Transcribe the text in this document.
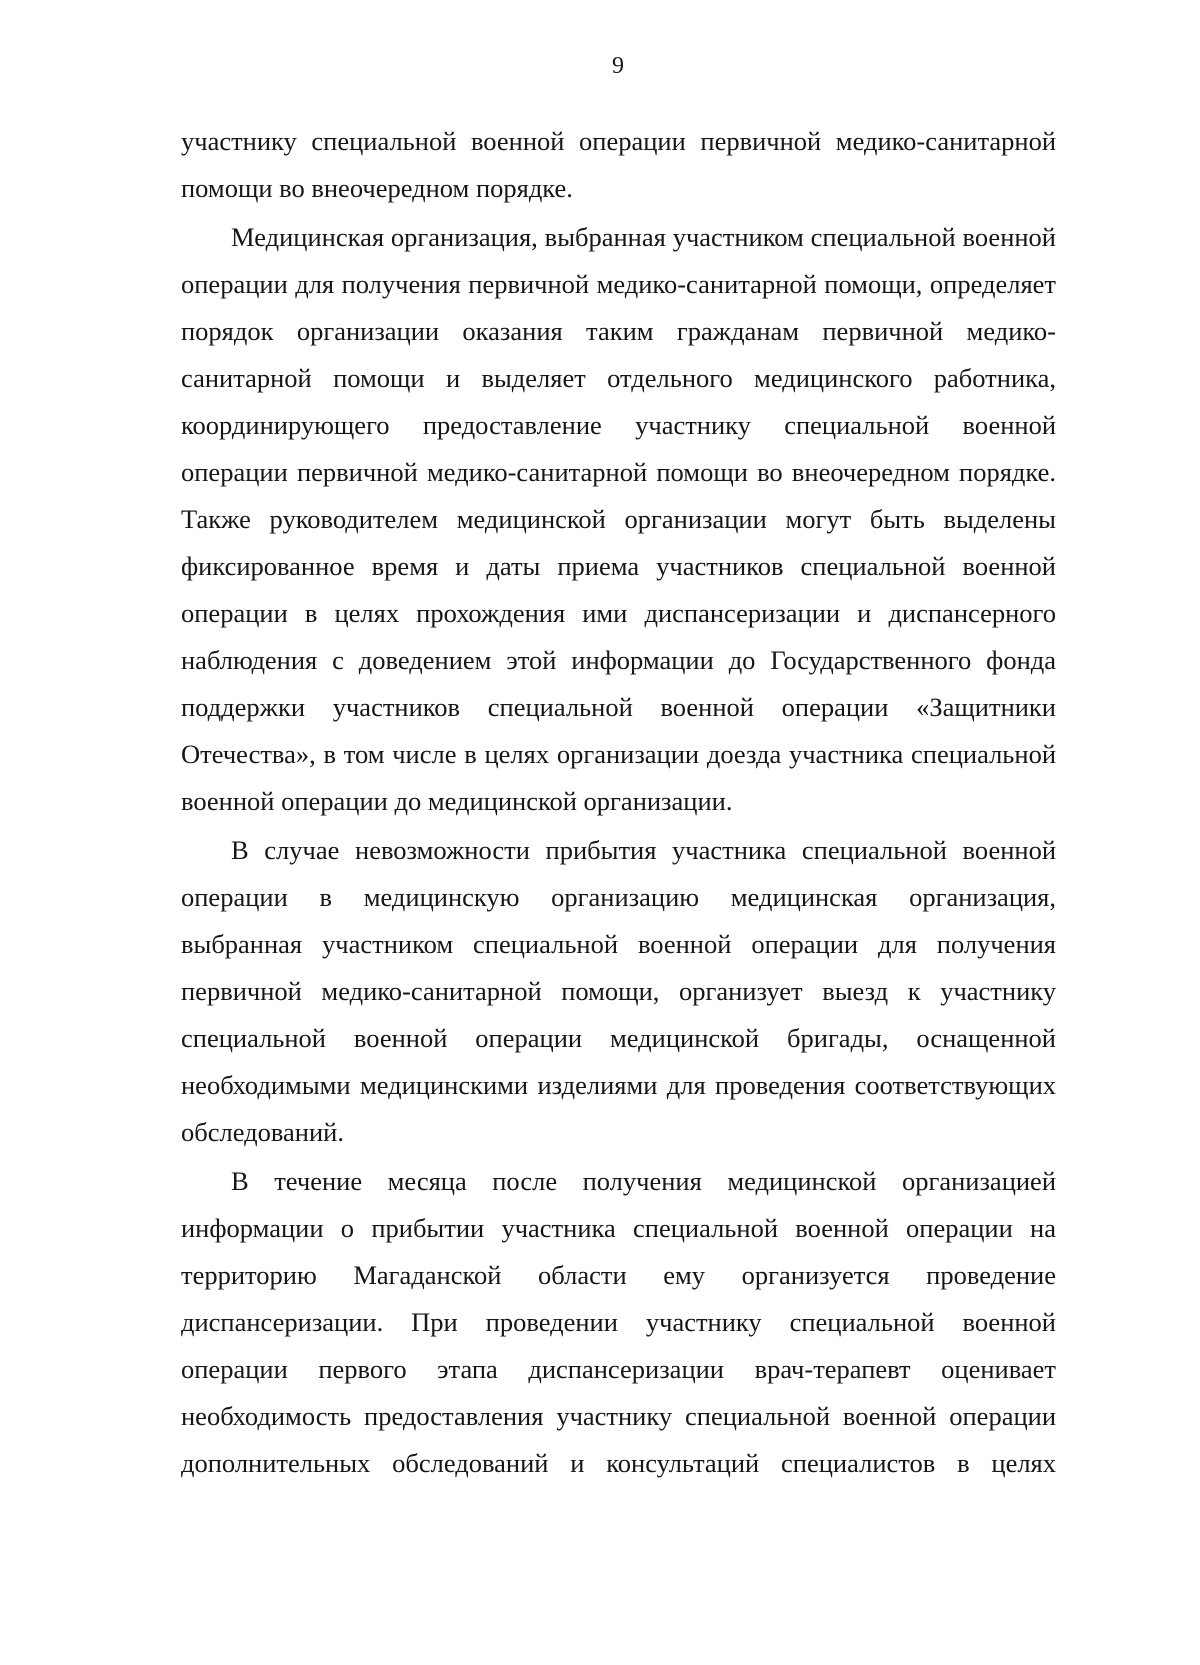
9

участнику специальной военной операции первичной медико-санитарной помощи во внеочередном порядке.

Медицинская организация, выбранная участником специальной военной операции для получения первичной медико-санитарной помощи, определяет порядок организации оказания таким гражданам первичной медико-санитарной помощи и выделяет отдельного медицинского работника, координирующего предоставление участнику специальной военной операции первичной медико-санитарной помощи во внеочередном порядке. Также руководителем медицинской организации могут быть выделены фиксированное время и даты приема участников специальной военной операции в целях прохождения ими диспансеризации и диспансерного наблюдения с доведением этой информации до Государственного фонда поддержки участников специальной военной операции «Защитники Отечества», в том числе в целях организации доезда участника специальной военной операции до медицинской организации.

В случае невозможности прибытия участника специальной военной операции в медицинскую организацию медицинская организация, выбранная участником специальной военной операции для получения первичной медико-санитарной помощи, организует выезд к участнику специальной военной операции медицинской бригады, оснащенной необходимыми медицинскими изделиями для проведения соответствующих обследований.

В течение месяца после получения медицинской организацией информации о прибытии участника специальной военной операции на территорию Магаданской области ему организуется проведение диспансеризации. При проведении участнику специальной военной операции первого этапа диспансеризации врач-терапевт оценивает необходимость предоставления участнику специальной военной операции дополнительных обследований и консультаций специалистов в целях
